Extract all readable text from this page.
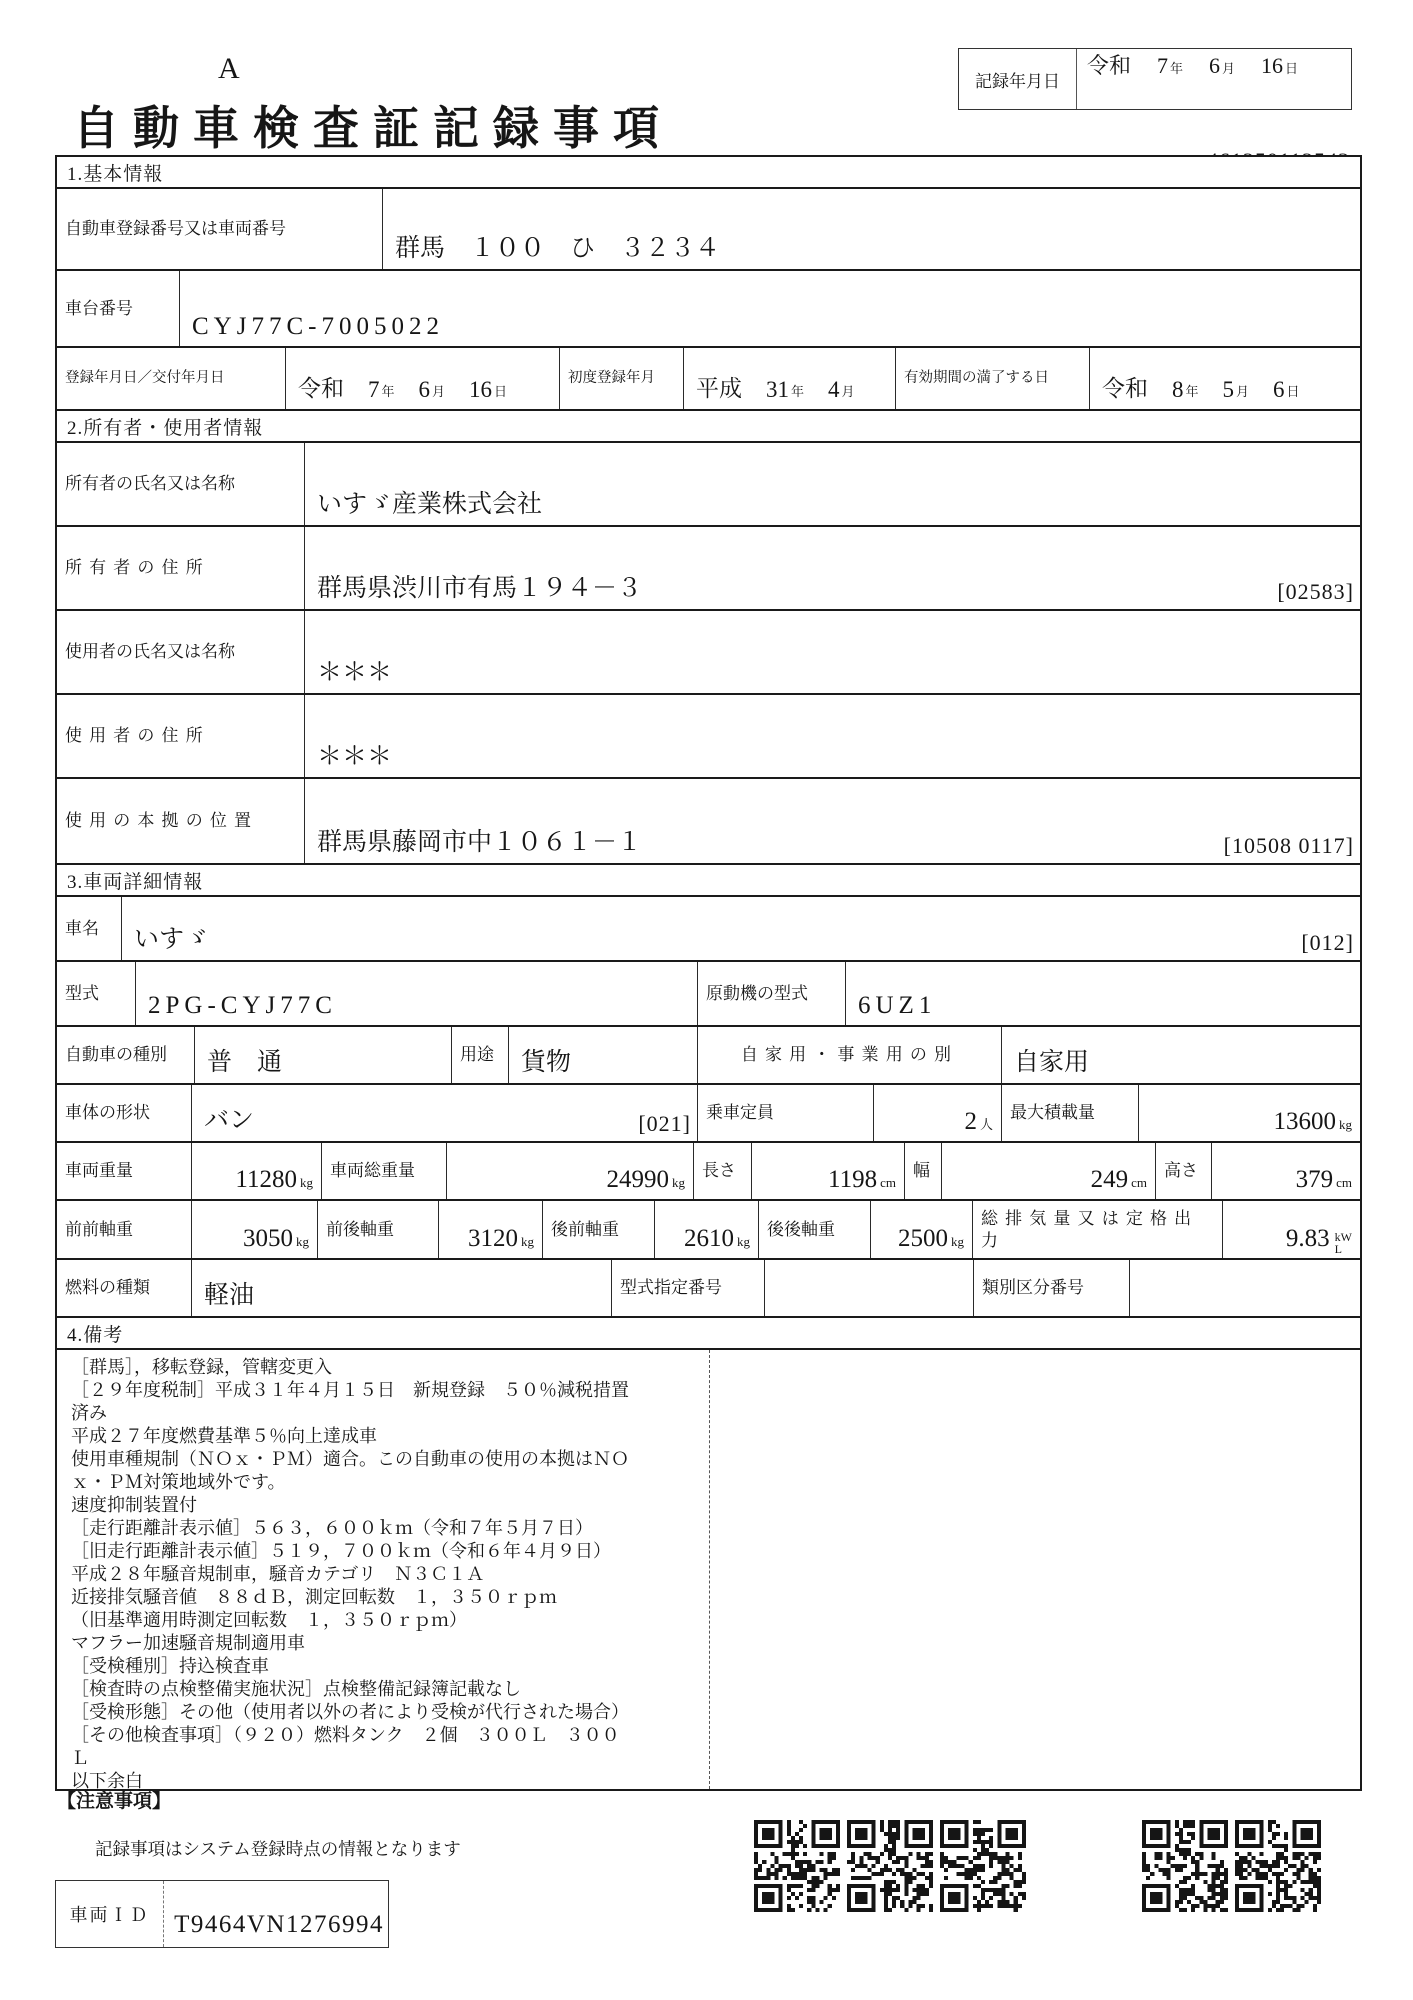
A
自動車検査証記録事項
記録年月日
令和 7 年 6 月 16 日
1.基本情報
自動車登録番号又は車両番号
群馬　１００　ひ　３２３４
車台番号
CYJ77C-7005022
登録年月日／交付年月日	令和 7 年 6 月 16 日
初度登録年月	平成 31 年 4 月
有効期間の満了する日	令和 8 年 5 月 6 日
2.所有者・使用者情報
所有者の氏名又は名称
いすゞ産業株式会社
所有者の住所
群馬県渋川市有馬１９４－３	[02583]
使用者の氏名又は名称
＊＊＊
使用者の住所
＊＊＊
使用の本拠の位置
群馬県藤岡市中１０６１－１	[10508 0117]
3.車両詳細情報
車名	いすゞ	[012]
型式	2PG-CYJ77C	原動機の型式	6UZ1
自動車の種別	普　通	用途	貨物	自家用・事業用の別	自家用
車体の形状	バン	[021] 乗車定員	2 人
最大積載量	13600 kg
車両重量	11280 kg
車両総重量	24990 kg
長さ	1198 cm
幅	249 cm
高さ	379 cm
前前軸重	3050 kg
前後軸重	3120 kg
後前軸重	2610 kg
後後軸重	2500 kg
総排気量又は定格出力	9.83 kW
L
燃料の種類	軽油	型式指定番号	類別区分番号
4.備考
［群馬］，移転登録，管轄変更入
［２９年度税制］平成３１年４月１５日　新規登録　５０％減税措置
済み
平成２７年度燃費基準５％向上達成車
使用車種規制（ＮＯｘ・ＰＭ）適合。この自動車の使用の本拠はＮＯ
ｘ・ＰＭ対策地域外です。
速度抑制装置付
［走行距離計表示値］５６３，６００ｋｍ（令和７年５月７日）
［旧走行距離計表示値］５１９，７００ｋｍ（令和６年４月９日）
平成２８年騒音規制車，騒音カテゴリ　Ｎ３Ｃ１Ａ
近接排気騒音値　８８ｄＢ，測定回転数　１，３５０ｒｐｍ
（旧基準適用時測定回転数　１，３５０ｒｐｍ）
マフラー加速騒音規制適用車
［受検種別］持込検査車
［検査時の点検整備実施状況］点検整備記録簿記載なし
［受検形態］その他（使用者以外の者により受検が代行された場合）
［その他検査事項］（９２０）燃料タンク　２個　３００Ｌ　３００
Ｌ
以下余白
【注意事項】
記録事項はシステム登録時点の情報となります
車両ＩＤ T9464VN1276994
